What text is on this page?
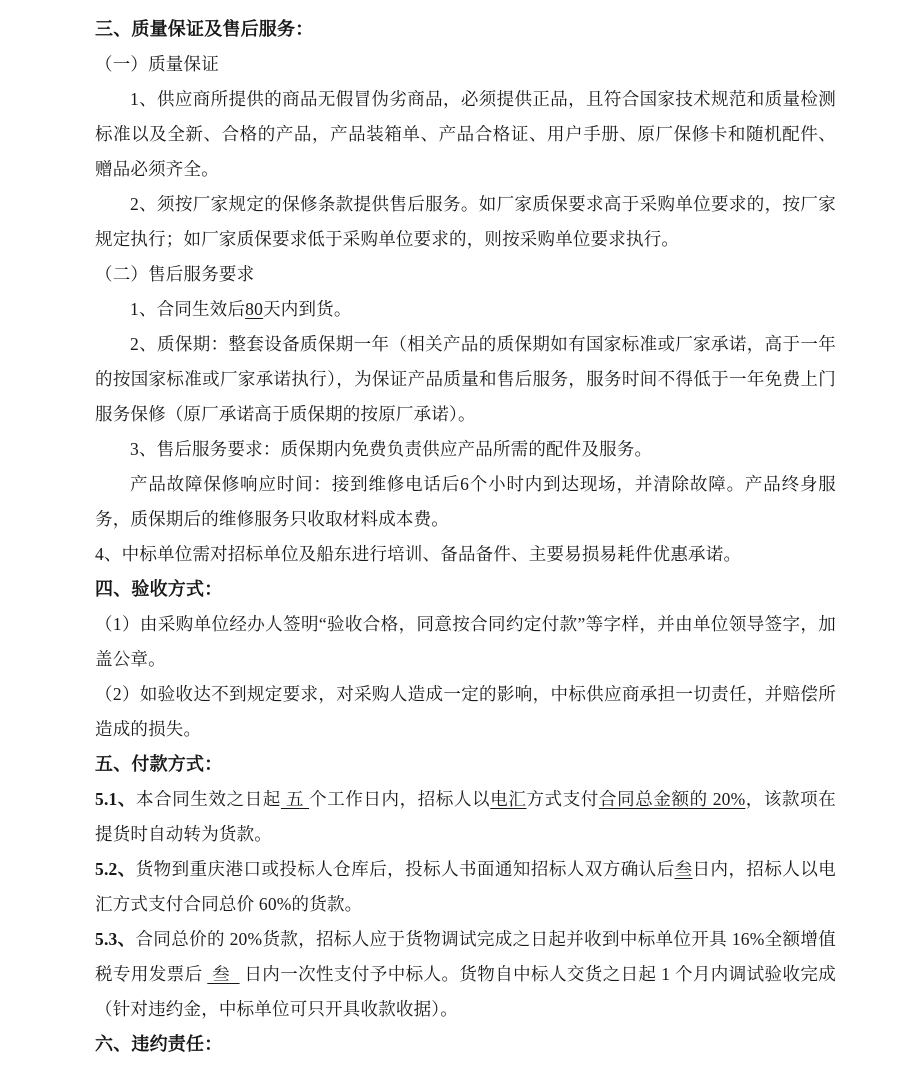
三、质量保证及售后服务：

（一）质量保证

1、供应商所提供的商品无假冒伪劣商品，必须提供正品，且符合国家技术规范和质量检测标准以及全新、合格的产品，产品装箱单、产品合格证、用户手册、原厂保修卡和随机配件、赠品必须齐全。

2、须按厂家规定的保修条款提供售后服务。如厂家质保要求高于采购单位要求的，按厂家规定执行；如厂家质保要求低于采购单位要求的，则按采购单位要求执行。

（二）售后服务要求

1、合同生效后80天内到货。

2、质保期：整套设备质保期一年（相关产品的质保期如有国家标准或厂家承诺，高于一年的按国家标准或厂家承诺执行），为保证产品质量和售后服务，服务时间不得低于一年免费上门服务保修（原厂承诺高于质保期的按原厂承诺）。

3、售后服务要求：质保期内免费负责供应产品所需的配件及服务。

产品故障保修响应时间：接到维修电话后6个小时内到达现场，并清除故障。产品终身服务，质保期后的维修服务只收取材料成本费。

4、中标单位需对招标单位及船东进行培训、备品备件、主要易损易耗件优惠承诺。

四、验收方式：

（1）由采购单位经办人签明“验收合格，同意按合同约定付款”等字样，并由单位领导签字，加盖公章。

（2）如验收达不到规定要求，对采购人造成一定的影响，中标供应商承担一切责任，并赔偿所造成的损失。

五、付款方式：

5.1、本合同生效之日起 五 个工作日内，招标人以电汇方式支付合同总金额的 20%，该款项在提货时自动转为货款。

5.2、货物到重庆港口或投标人仓库后，投标人书面通知招标人双方确认后叁日内，招标人以电汇方式支付合同总价 60%的货款。

5.3、合同总价的 20%货款，招标人应于货物调试完成之日起并收到中标单位开具 16%全额增值税专用发票后  叁   日内一次性支付予中标人。货物自中标人交货之日起 1 个月内调试验收完成（针对违约金，中标单位可只开具收款收据）。

六、违约责任：
